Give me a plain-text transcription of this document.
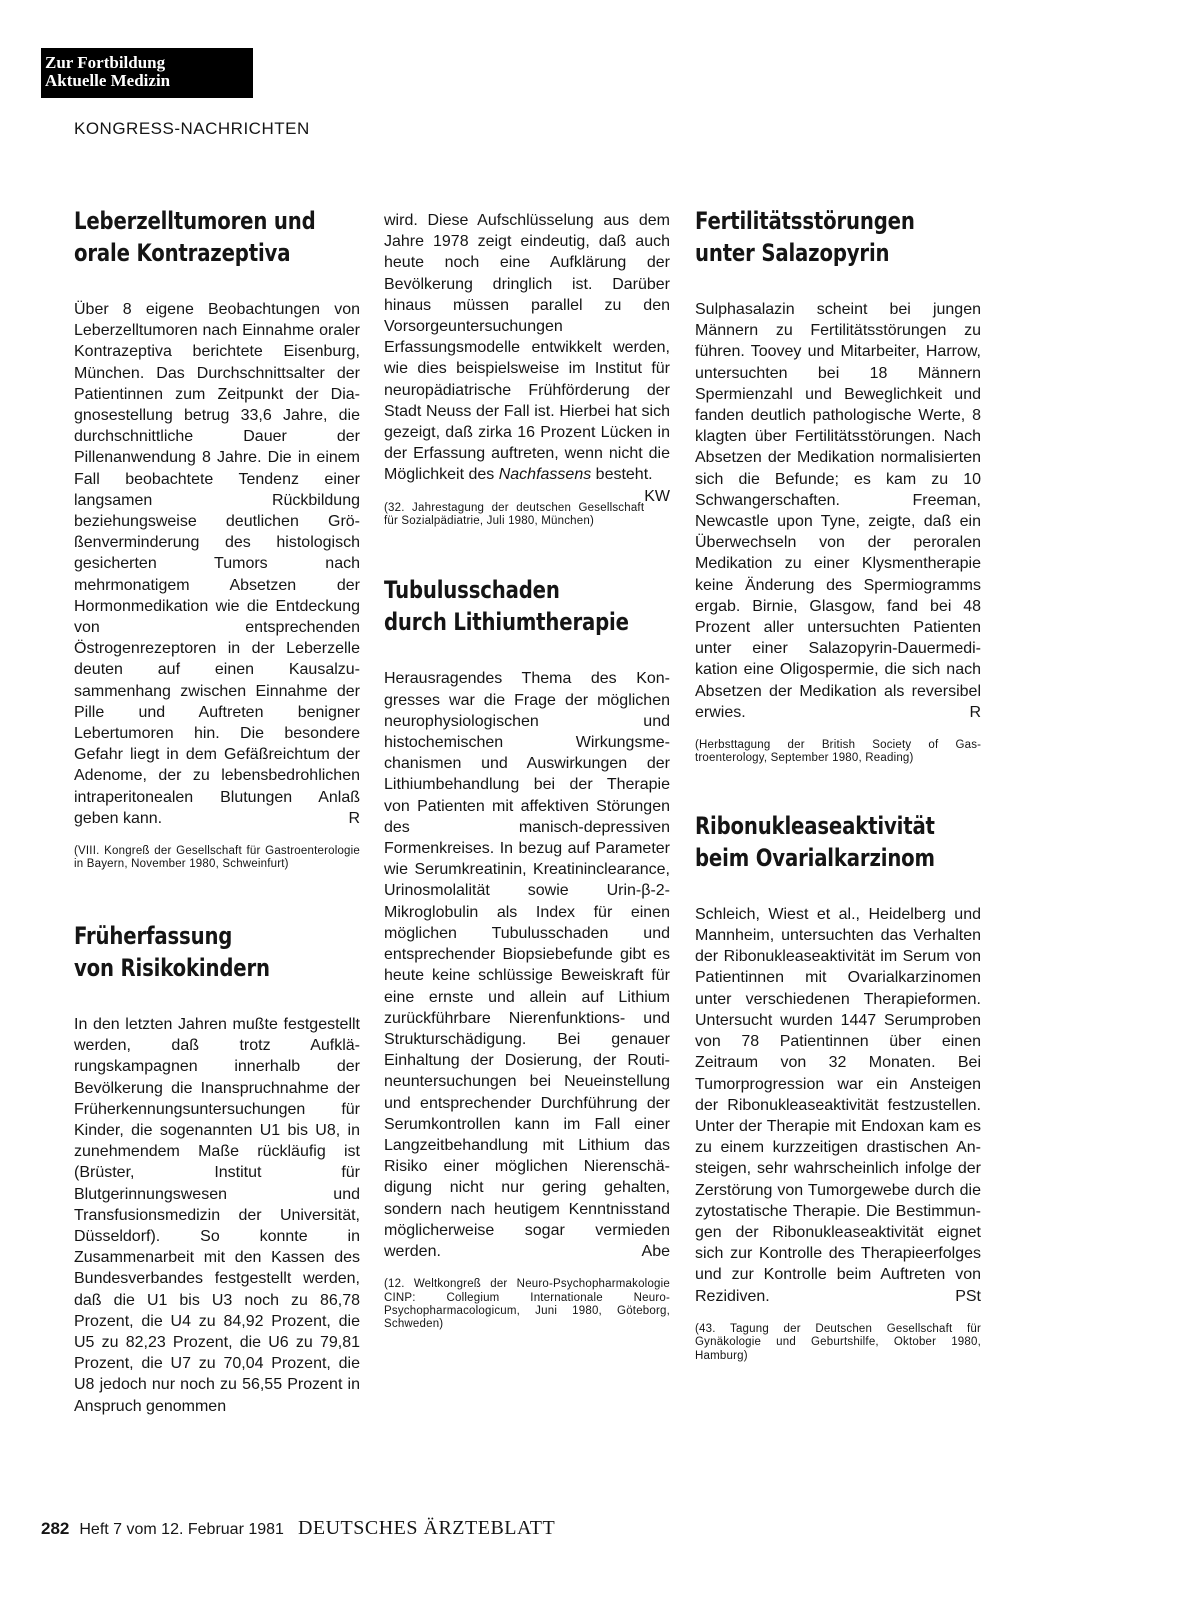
Zur Fortbildung
Aktuelle Medizin
KONGRESS-NACHRICHTEN
Leberzelltumoren und
orale Kontrazeptiva

Über 8 eigene Beobachtungen von Leberzelltumoren nach Einnahme oraler Kontrazeptiva berichtete Eisenburg, München. Das Durchschnittsalter der Patientinnen zum Zeitpunkt der Diagnosestellung betrug 33,6 Jahre, die durchschnittliche Dauer der Pillenanwendung 8 Jahre. Die in einem Fall beobachtete Tendenz einer langsamen Rückbildung beziehungsweise deutlichen Größenverminderung des histologisch gesicherten Tumors nach mehrmonatigem Absetzen der Hormonmedikation wie die Entdeckung von entsprechenden Östrogenrezeptoren in der Leberzelle deuten auf einen Kausalzusammenhang zwischen Einnahme der Pille und Auftreten benigner Lebertumoren hin. Die besondere Gefahr liegt in dem Gefäßreichtum der Adenome, der zu lebensbedrohlichen intraperitonealen Blutungen Anlaß geben kann.	R

(VIII. Kongreß der Gesellschaft für Gastroenterologie in Bayern, November 1980, Schweinfurt)

Früherfassung
von Risikokindern

In den letzten Jahren mußte festgestellt werden, daß trotz Aufklärungskampagnen innerhalb der Bevölkerung die Inanspruchnahme der Früherkennungsuntersuchungen für Kinder, die sogenannten U1 bis U8, in zunehmendem Maße rückläufig ist (Brüster, Institut für Blutgerinnungswesen und Transfusionsmedizin der Universität, Düsseldorf). So konnte in Zusammenarbeit mit den Kassen des Bundesverbandes festgestellt werden, daß die U1 bis U3 noch zu 86,78 Prozent, die U4 zu 84,92 Prozent, die U5 zu 82,23 Prozent, die U6 zu 79,81 Prozent, die U7 zu 70,04 Prozent, die U8 jedoch nur noch zu 56,55 Prozent in Anspruch genommen

wird. Diese Aufschlüsselung aus dem Jahre 1978 zeigt eindeutig, daß auch heute noch eine Aufklärung der Bevölkerung dringlich ist. Darüber hinaus müssen parallel zu den Vorsorgeuntersuchungen Erfassungsmodelle entwikkelt werden, wie dies beispielsweise im Institut für neuropädiatrische Frühförderung der Stadt Neuss der Fall ist. Hierbei hat sich gezeigt, daß zirka 16 Prozent Lücken in der Erfassung auftreten, wenn nicht die Möglichkeit des Nachfassens besteht.
KW

(32. Jahrestagung der deutschen Gesellschaft für Sozialpädiatrie, Juli 1980, München)

Tubulusschaden
durch Lithiumtherapie

Herausragendes Thema des Kongresses war die Frage der möglichen neurophysiologischen und histochemischen Wirkungsmechanismen und Auswirkungen der Lithiumbehandlung bei der Therapie von Patienten mit affektiven Störungen des manisch-depressiven Formenkreises. In bezug auf Parameter wie Serumkreatinin, Kreatininclearance, Urinosmolalität sowie Urin-β-2-Mikroglobulin als Index für einen möglichen Tubulusschaden und entsprechender Biopsiebefunde gibt es heute keine schlüssige Beweiskraft für eine ernste und allein auf Lithium zurückführbare Nierenfunktions- und Strukturschädigung. Bei genauer Einhaltung der Dosierung, der Routineuntersuchungen bei Neueinstellung und entsprechender Durchführung der Serumkontrollen kann im Fall einer Langzeitbehandlung mit Lithium das Risiko einer möglichen Nierenschädigung nicht nur gering gehalten, sondern nach heutigem Kenntnisstand möglicherweise sogar vermieden werden.	Abe

(12. Weltkongreß der Neuro-Psychopharmakologie CINP: Collegium Internationale Neuro-Psychopharmacologicum, Juni 1980, Göteborg, Schweden)

Fertilitätsstörungen
unter Salazopyrin

Sulphasalazin scheint bei jungen Männern zu Fertilitätsstörungen zu führen. Toovey und Mitarbeiter, Harrow, untersuchten bei 18 Männern Spermienzahl und Beweglichkeit und fanden deutlich pathologische Werte, 8 klagten über Fertilitätsstörungen. Nach Absetzen der Medikation normalisierten sich die Befunde; es kam zu 10 Schwangerschaften. Freeman, Newcastle upon Tyne, zeigte, daß ein Überwechseln von der peroralen Medikation zu einer Klysmentherapie keine Änderung des Spermiogramms ergab. Birnie, Glasgow, fand bei 48 Prozent aller untersuchten Patienten unter einer Salazopyrin-Dauermedikation eine Oligospermie, die sich nach Absetzen der Medikation als reversibel erwies.	R

(Herbsttagung der British Society of Gastroenterology, September 1980, Reading)

Ribonukleaseaktivität
beim Ovarialkarzinom

Schleich, Wiest et al., Heidelberg und Mannheim, untersuchten das Verhalten der Ribonukleaseaktivität im Serum von Patientinnen mit Ovarialkarzinomen unter verschiedenen Therapieformen. Untersucht wurden 1447 Serumproben von 78 Patientinnen über einen Zeitraum von 32 Monaten. Bei Tumorprogression war ein Ansteigen der Ribonukleaseaktivität festzustellen. Unter der Therapie mit Endoxan kam es zu einem kurzzeitigen drastischen Ansteigen, sehr wahrscheinlich infolge der Zerstörung von Tumorgewebe durch die zytostatische Therapie. Die Bestimmungen der Ribonukleaseaktivität eignet sich zur Kontrolle des Therapieerfolges und zur Kontrolle beim Auftreten von Rezidiven.	PSt

(43. Tagung der Deutschen Gesellschaft für Gynäkologie und Geburtshilfe, Oktober 1980, Hamburg)

282 Heft 7 vom 12. Februar 1981 DEUTSCHES ÄRZTEBLATT
